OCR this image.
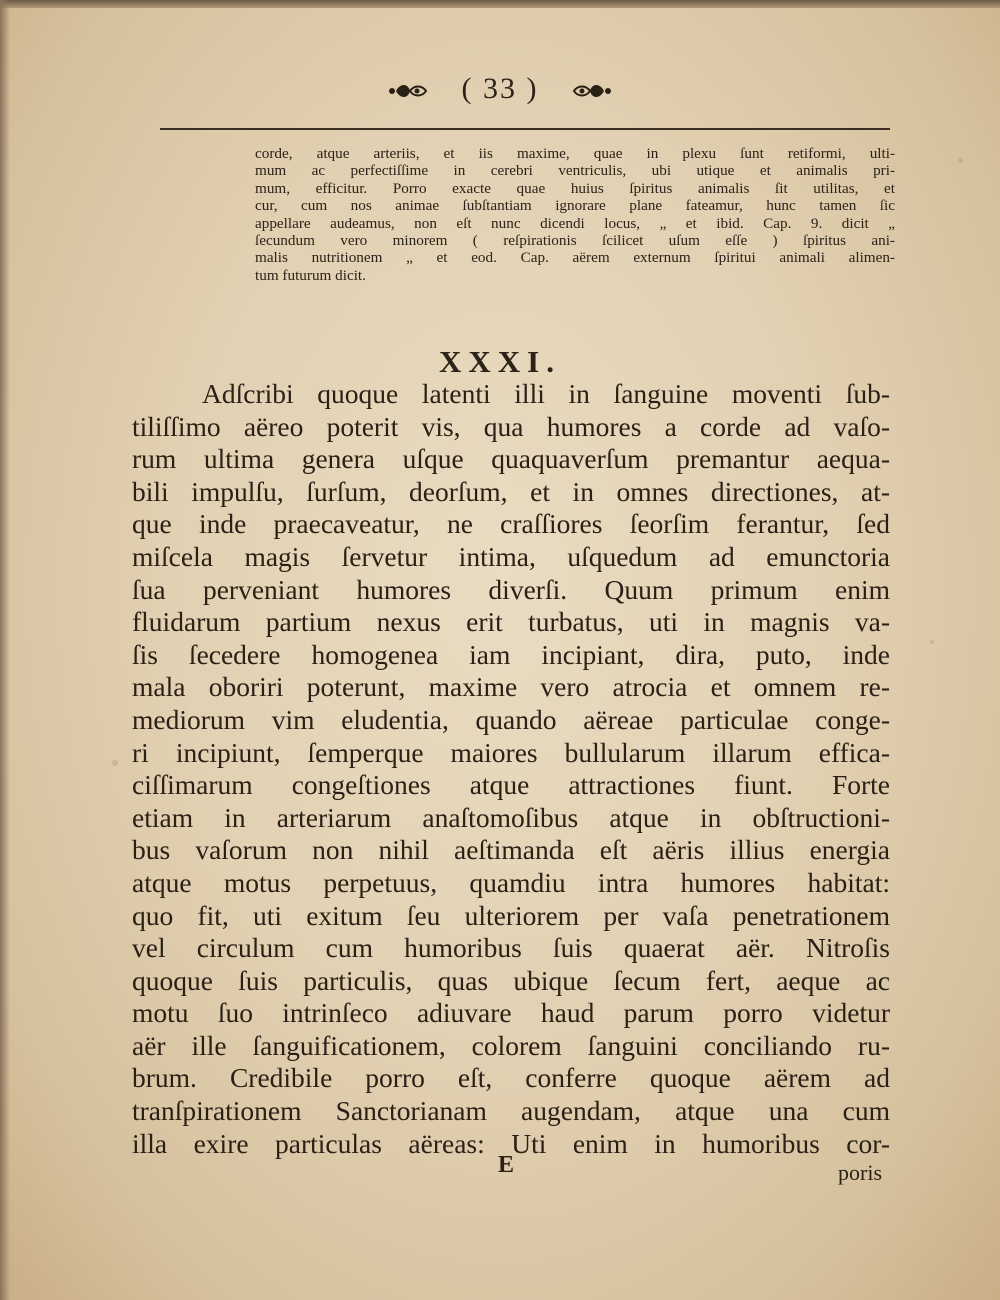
( 33 )
corde, atque arteriis, et iis maxime, quae in plexu ſunt retiformi, ulti-
mum ac perfectiſſime in cerebri ventriculis, ubi utique et animalis pri-
mum, efficitur. Porro exacte quae huius ſpiritus animalis ſit utilitas, et
cur, cum nos animae ſubſtantiam ignorare plane fateamur, hunc tamen ſic
appellare audeamus, non eſt nunc dicendi locus, „ et ibid. Cap. 9. dicit „
ſecundum vero minorem ( reſpirationis ſcilicet uſum eſſe ) ſpiritus ani-
malis nutritionem „ et eod. Cap. aërem externum ſpiritui animali alimen-
tum futurum dicit.
XXXI.
Adſcribi quoque latenti illi in ſanguine moventi ſub-
tiliſſimo aëreo poterit vis, qua humores a corde ad vaſo-
rum ultima genera uſque quaquaverſum premantur aequa-
bili impulſu, ſurſum, deorſum, et in omnes directiones, at-
que inde praecaveatur, ne craſſiores ſeorſim ferantur, ſed
miſcela magis ſervetur intima, uſquedum ad emunctoria
ſua perveniant humores diverſi. Quum primum enim
fluidarum partium nexus erit turbatus, uti in magnis va-
ſis ſecedere homogenea iam incipiant, dira, puto, inde
mala oboriri poterunt, maxime vero atrocia et omnem re-
mediorum vim eludentia, quando aëreae particulae conge-
ri incipiunt, ſemperque maiores bullularum illarum effica-
ciſſimarum congeſtiones atque attractiones fiunt. Forte
etiam in arteriarum anaſtomoſibus atque in obſtructioni-
bus vaſorum non nihil aeſtimanda eſt aëris illius energia
atque motus perpetuus, quamdiu intra humores habitat:
quo fit, uti exitum ſeu ulteriorem per vaſa penetrationem
vel circulum cum humoribus ſuis quaerat aër. Nitroſis
quoque ſuis particulis, quas ubique ſecum fert, aeque ac
motu ſuo intrinſeco adiuvare haud parum porro videtur
aër ille ſanguificationem, colorem ſanguini conciliando ru-
brum. Credibile porro eſt, conferre quoque aërem ad
tranſpirationem Sanctorianam augendam, atque una cum
illa exire particulas aëreas: Uti enim in humoribus cor-
E	poris
